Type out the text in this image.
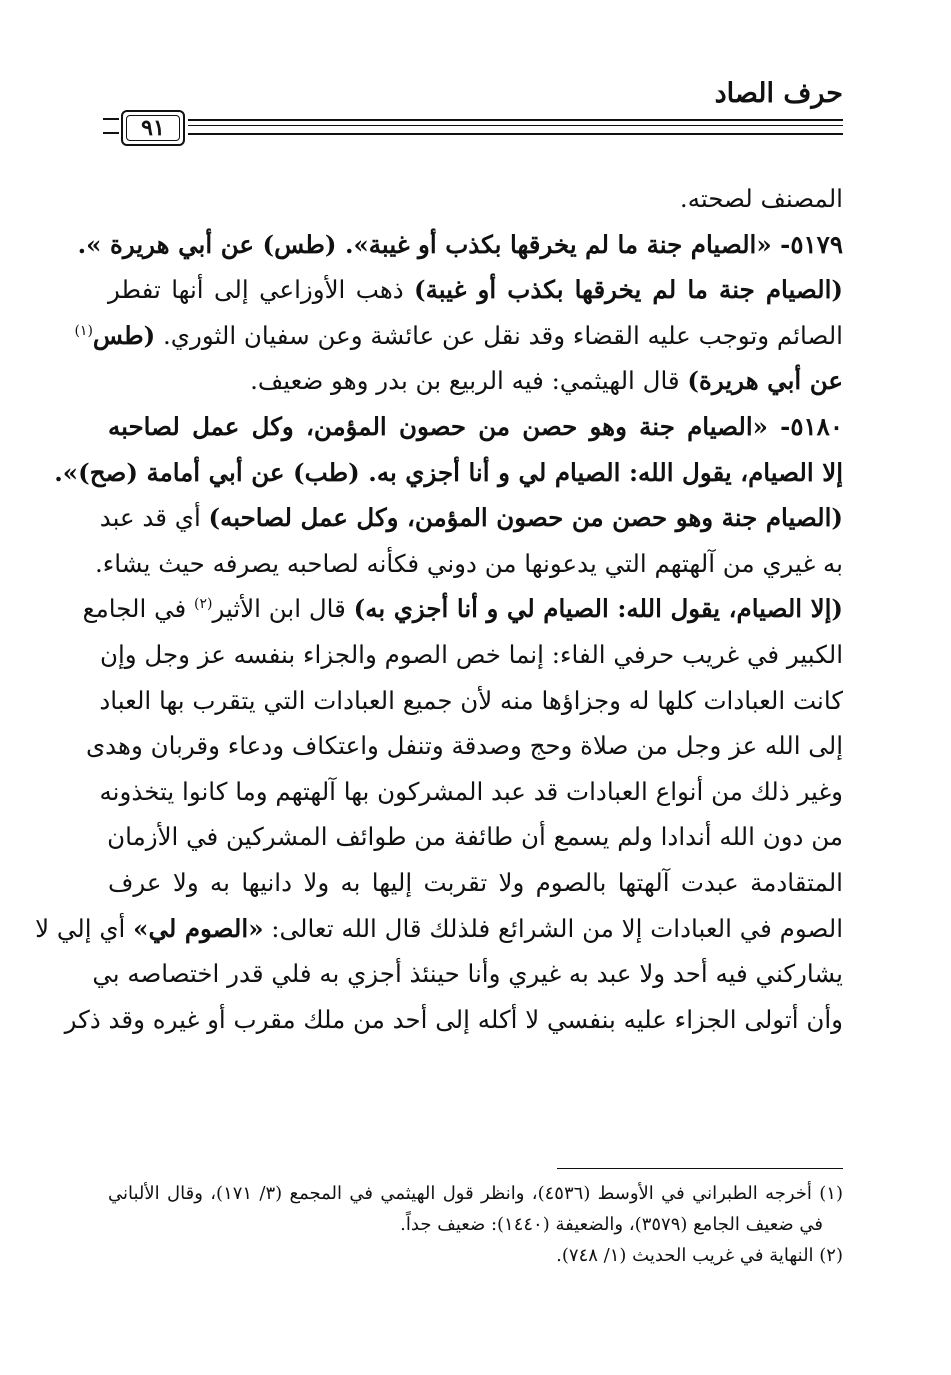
حرف الصاد
٩١
المصنف لصحته.
٥١٧٩- «الصيام جنة ما لم يخرقها بكذب أو غيبة». (طس) عن أبي هريرة ».
(الصيام جنة ما لم يخرقها بكذب أو غيبة) ذهب الأوزاعي إلى أنها تفطر
الصائم وتوجب عليه القضاء وقد نقل عن عائشة وعن سفيان الثوري. (طس$^{(١)}$
عن أبي هريرة) قال الهيثمي: فيه الربيع بن بدر وهو ضعيف.
٥١٨٠- «الصيام جنة وهو حصن من حصون المؤمن، وكل عمل لصاحبه
إلا الصيام، يقول الله: الصيام لي و أنا أجزي به. (طب) عن أبي أمامة (صح)».
(الصيام جنة وهو حصن من حصون المؤمن، وكل عمل لصاحبه) أي قد عبد
به غيري من آلهتهم التي يدعونها من دوني فكأنه لصاحبه يصرفه حيث يشاء.
(إلا الصيام، يقول الله: الصيام لي و أنا أجزي به) قال ابن الأثير$^{(٢)}$ في الجامع
الكبير في غريب حرفي الفاء: إنما خص الصوم والجزاء بنفسه عز وجل وإن
كانت العبادات كلها له وجزاؤها منه لأن جميع العبادات التي يتقرب بها العباد
إلى الله عز وجل من صلاة وحج وصدقة وتنفل واعتكاف ودعاء وقربان وهدى
وغير ذلك من أنواع العبادات قد عبد المشركون بها آلهتهم وما كانوا يتخذونه
من دون الله أندادا ولم يسمع أن طائفة من طوائف المشركين في الأزمان
المتقادمة عبدت آلهتها بالصوم ولا تقربت إليها به ولا دانيها به ولا عرف
الصوم في العبادات إلا من الشرائع فلذلك قال الله تعالى: «الصوم لي» أي إلي لا
يشاركني فيه أحد ولا عبد به غيري وأنا حينئذ أجزي به فلي قدر اختصاصه بي
وأن أتولى الجزاء عليه بنفسي لا أكله إلى أحد من ملك مقرب أو غيره وقد ذكر
(١) أخرجه الطبراني في الأوسط (٤٥٣٦)، وانظر قول الهيثمي في المجمع (٣/ ١٧١)، وقال الألباني
في ضعيف الجامع (٣٥٧٩)، والضعيفة (١٤٤٠): ضعيف جداً.
(٢) النهاية في غريب الحديث (١/ ٧٤٨).
